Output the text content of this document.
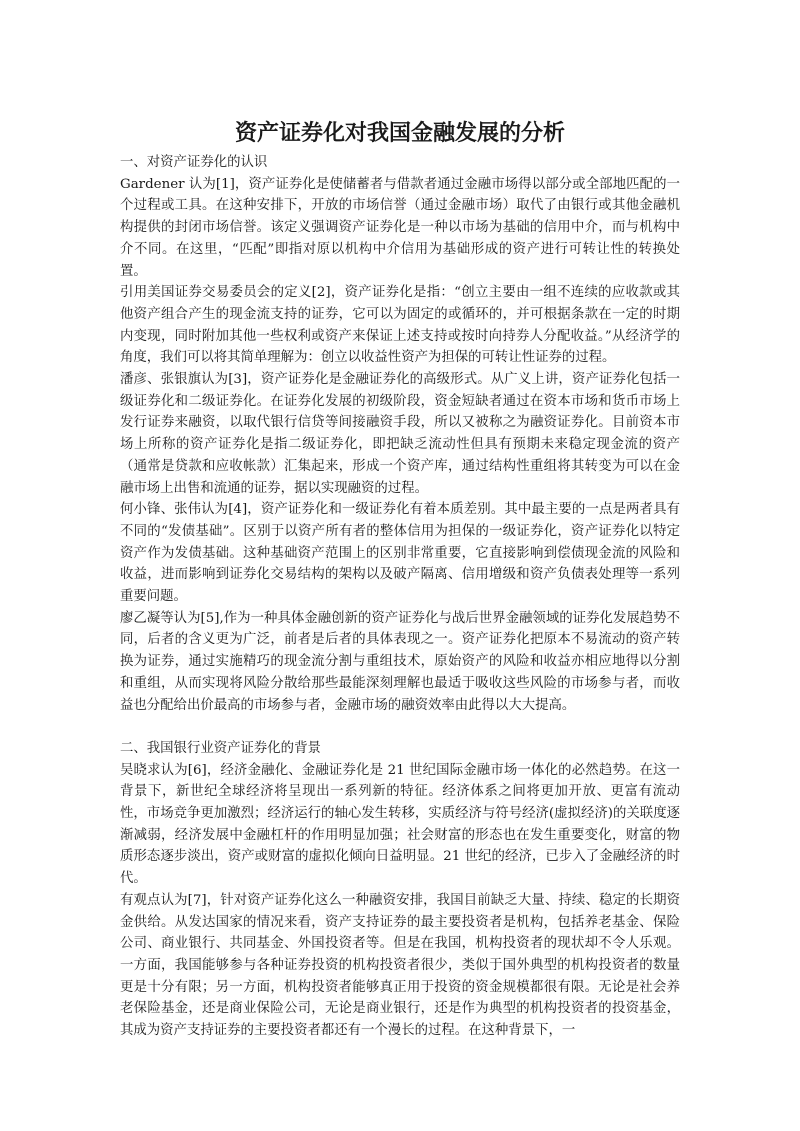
资产证券化对我国金融发展的分析

一、对资产证券化的认识

Gardener 认为[1]，资产证券化是使储蓄者与借款者通过金融市场得以部分或全部地匹配的一个过程或工具。在这种安排下，开放的市场信誉（通过金融市场）取代了由银行或其他金融机构提供的封闭市场信誉。该定义强调资产证券化是一种以市场为基础的信用中介，而与机构中介不同。在这里，“匹配”即指对原以机构中介信用为基础形成的资产进行可转让性的转换处置。

引用美国证券交易委员会的定义[2]，资产证券化是指：“创立主要由一组不连续的应收款或其他资产组合产生的现金流支持的证券，它可以为固定的或循环的，并可根据条款在一定的时期内变现，同时附加其他一些权利或资产来保证上述支持或按时向持券人分配收益。”从经济学的角度，我们可以将其简单理解为：创立以收益性资产为担保的可转让性证券的过程。

潘彦、张银旗认为[3]，资产证券化是金融证券化的高级形式。从广义上讲，资产证券化包括一级证券化和二级证券化。在证券化发展的初级阶段，资金短缺者通过在资本市场和货币市场上发行证券来融资，以取代银行信贷等间接融资手段，所以又被称之为融资证券化。目前资本市场上所称的资产证券化是指二级证券化，即把缺乏流动性但具有预期未来稳定现金流的资产（通常是贷款和应收帐款）汇集起来，形成一个资产库，通过结构性重组将其转变为可以在金融市场上出售和流通的证券，据以实现融资的过程。

何小锋、张伟认为[4]，资产证券化和一级证券化有着本质差别。其中最主要的一点是两者具有不同的“发债基础”。区别于以资产所有者的整体信用为担保的一级证券化，资产证券化以特定资产作为发债基础。这种基础资产范围上的区别非常重要，它直接影响到偿债现金流的风险和收益，进而影响到证券化交易结构的架构以及破产隔离、信用增级和资产负债表处理等一系列重要问题。

廖乙凝等认为[5],作为一种具体金融创新的资产证券化与战后世界金融领域的证券化发展趋势不同，后者的含义更为广泛，前者是后者的具体表现之一。资产证券化把原本不易流动的资产转换为证券，通过实施精巧的现金流分割与重组技术，原始资产的风险和收益亦相应地得以分割和重组，从而实现将风险分散给那些最能深刻理解也最适于吸收这些风险的市场参与者，而收益也分配给出价最高的市场参与者，金融市场的融资效率由此得以大大提高。

二、我国银行业资产证券化的背景

吴晓求认为[6]，经济金融化、金融证券化是 21 世纪国际金融市场一体化的必然趋势。在这一背景下，新世纪全球经济将呈现出一系列新的特征。经济体系之间将更加开放、更富有流动性，市场竞争更加激烈；经济运行的轴心发生转移，实质经济与符号经济(虚拟经济)的关联度逐渐减弱，经济发展中金融杠杆的作用明显加强；社会财富的形态也在发生重要变化，财富的物质形态逐步淡出，资产或财富的虚拟化倾向日益明显。21 世纪的经济，已步入了金融经济的时代。

有观点认为[7]，针对资产证券化这么一种融资安排，我国目前缺乏大量、持续、稳定的长期资金供给。从发达国家的情况来看，资产支持证券的最主要投资者是机构，包括养老基金、保险公司、商业银行、共同基金、外国投资者等。但是在我国，机构投资者的现状却不令人乐观。一方面，我国能够参与各种证券投资的机构投资者很少，类似于国外典型的机构投资者的数量更是十分有限；另一方面，机构投资者能够真正用于投资的资金规模都很有限。无论是社会养老保险基金，还是商业保险公司，无论是商业银行，还是作为典型的机构投资者的投资基金，其成为资产支持证券的主要投资者都还有一个漫长的过程。在这种背景下，一
